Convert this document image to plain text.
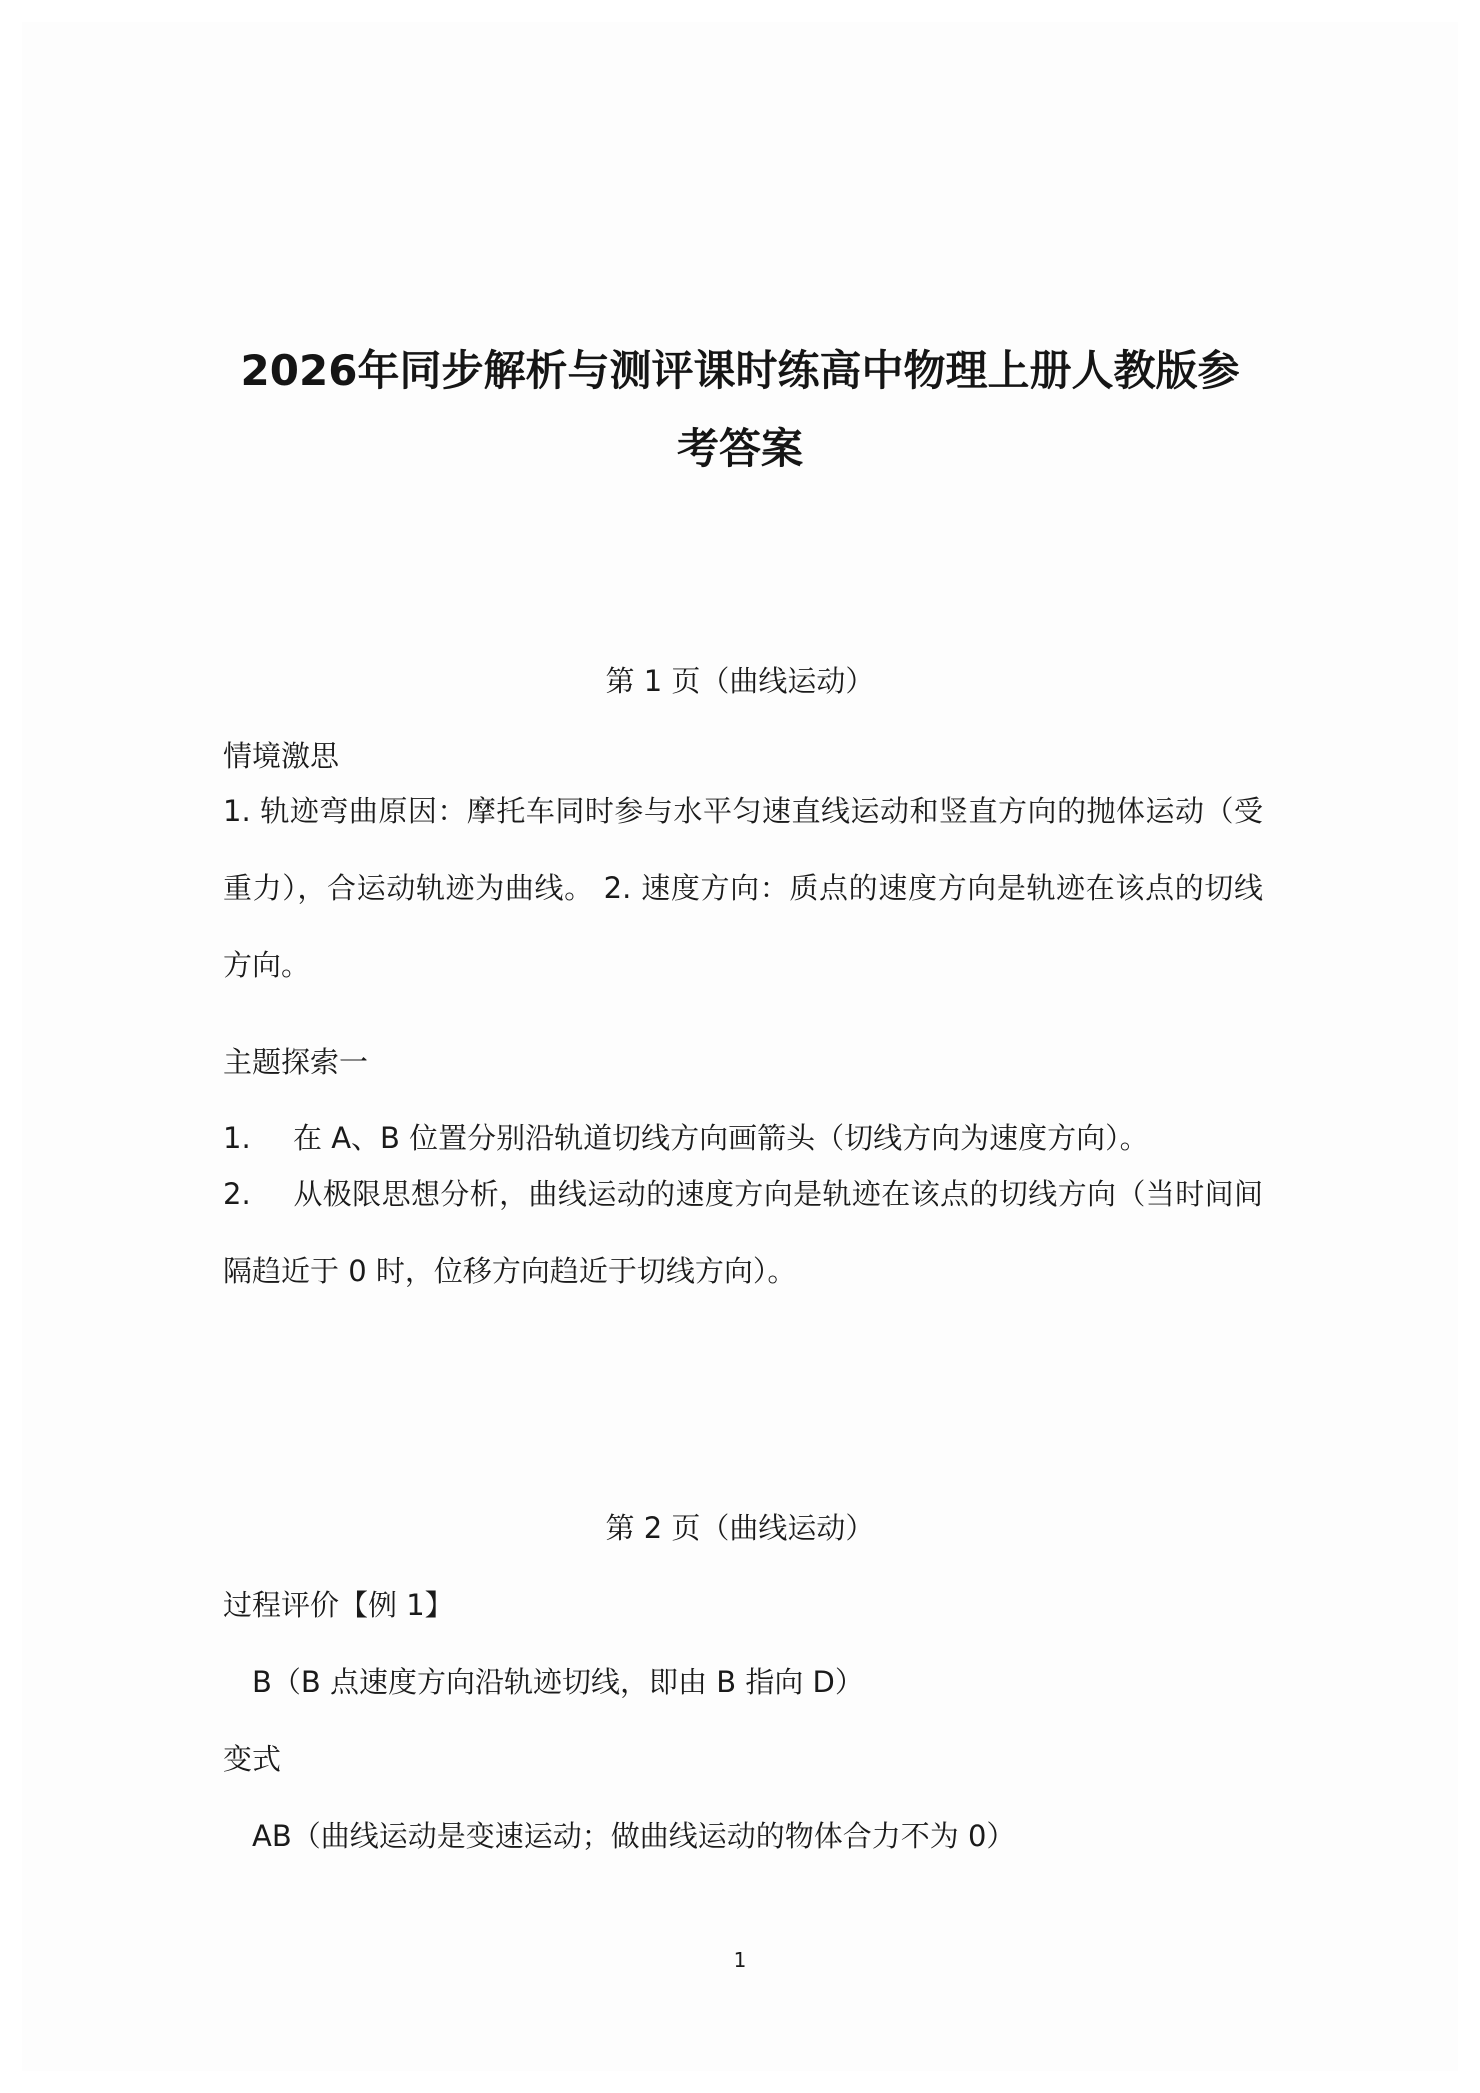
2026年同步解析与测评课时练高中物理上册人教版参考答案
第 1 页（曲线运动）
情境激思
1. 轨迹弯曲原因：摩托车同时参与水平匀速直线运动和竖直方向的抛体运动（受重力），合运动轨迹为曲线。 2. 速度方向：质点的速度方向是轨迹在该点的切线方向。
主题探索一
1. 在 A、B 位置分别沿轨道切线方向画箭头（切线方向为速度方向）。
2. 从极限思想分析，曲线运动的速度方向是轨迹在该点的切线方向（当时间间隔趋近于 0 时，位移方向趋近于切线方向）。
第 2 页（曲线运动）
过程评价【例 1】
B（B 点速度方向沿轨迹切线，即由 B 指向 D）
变式
AB（曲线运动是变速运动；做曲线运动的物体合力不为 0）
1
